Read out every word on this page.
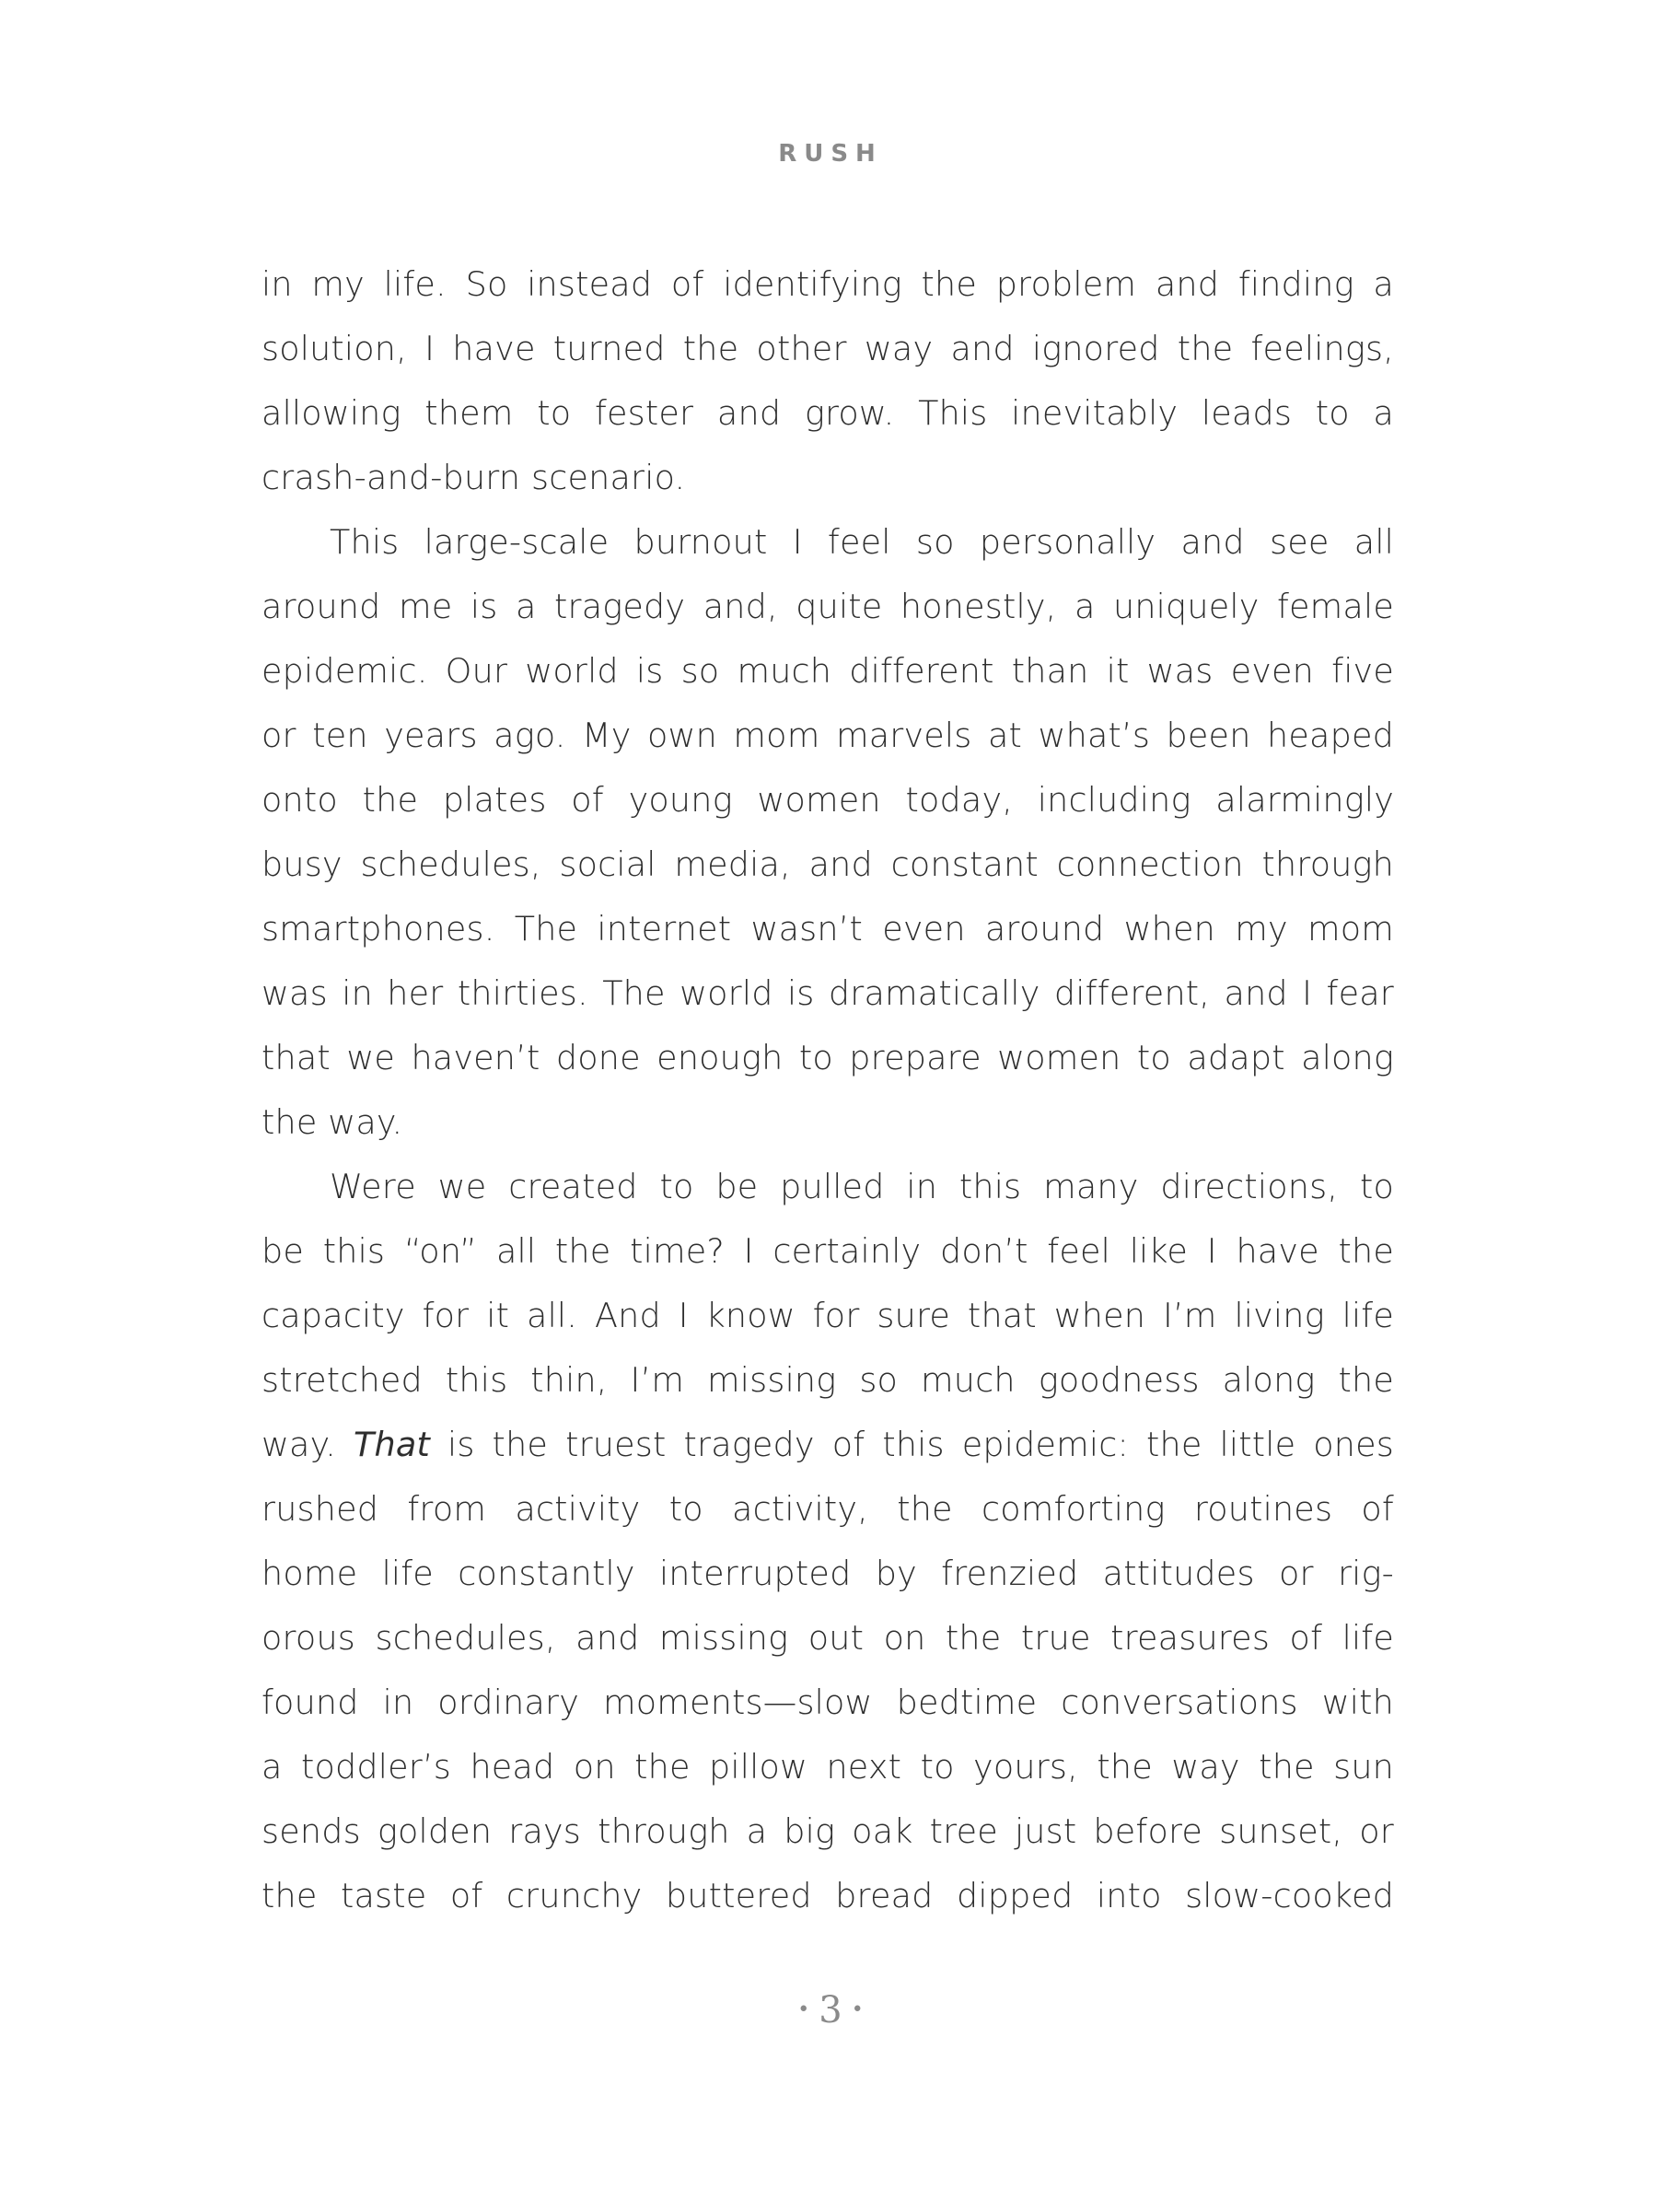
RUSH
in my life. So instead of identifying the problem and finding a
solution, I have turned the other way and ignored the feelings,
allowing them to fester and grow. This inevitably leads to a
crash-and-burn scenario.
This large-scale burnout I feel so personally and see all
around me is a tragedy and, quite honestly, a uniquely female
epidemic. Our world is so much different than it was even five
or ten years ago. My own mom marvels at what’s been heaped
onto the plates of young women today, including alarmingly
busy schedules, social media, and constant connection through
smartphones. The internet wasn’t even around when my mom
was in her thirties. The world is dramatically different, and I fear
that we haven’t done enough to prepare women to adapt along
the way.
Were we created to be pulled in this many directions, to
be this “on” all the time? I certainly don’t feel like I have the
capacity for it all. And I know for sure that when I’m living life
stretched this thin, I’m missing so much goodness along the
way. That is the truest tragedy of this epidemic: the little ones
rushed from activity to activity, the comforting routines of
home life constantly interrupted by frenzied attitudes or rig-
orous schedules, and missing out on the true treasures of life
found in ordinary moments—slow bedtime conversations with
a toddler’s head on the pillow next to yours, the way the sun
sends golden rays through a big oak tree just before sunset, or
the taste of crunchy buttered bread dipped into slow-cooked
• 3 •
